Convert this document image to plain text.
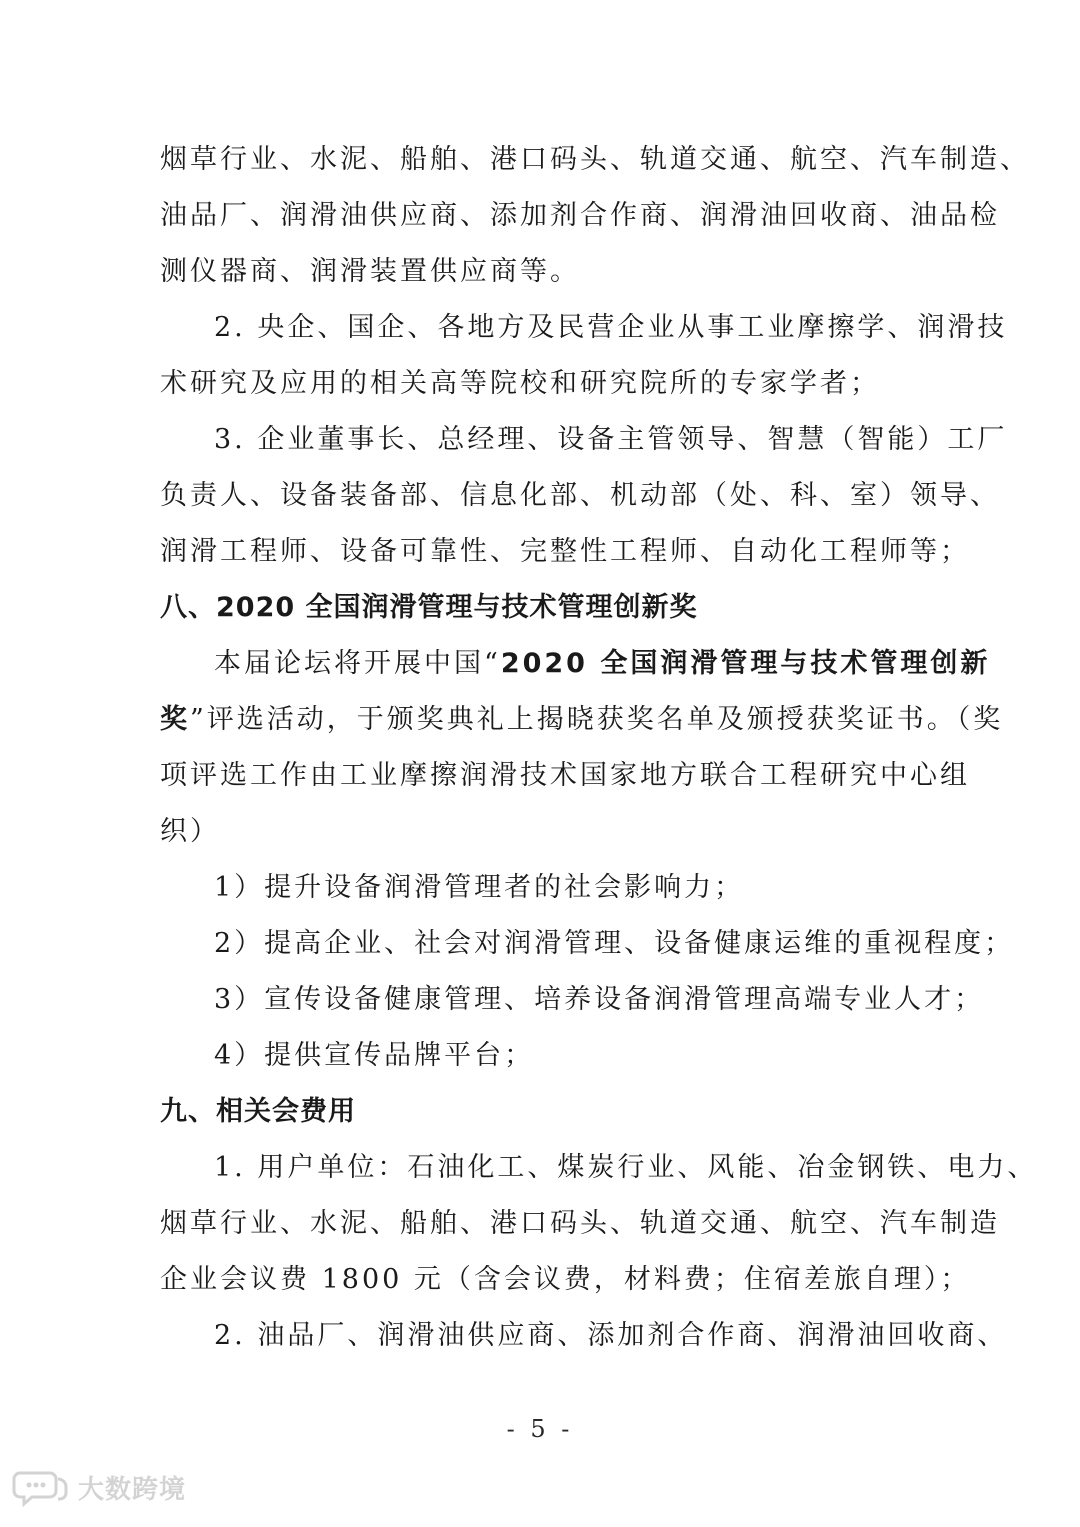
烟草行业、水泥、船舶、港口码头、轨道交通、航空、汽车制造、
油品厂、润滑油供应商、添加剂合作商、润滑油回收商、油品检
测仪器商、润滑装置供应商等。
2. 央企、国企、各地方及民营企业从事工业摩擦学、润滑技
术研究及应用的相关高等院校和研究院所的专家学者；
3. 企业董事长、总经理、设备主管领导、智慧（智能）工厂
负责人、设备装备部、信息化部、机动部（处、科、室）领导、
润滑工程师、设备可靠性、完整性工程师、自动化工程师等；
八、2020 全国润滑管理与技术管理创新奖
本届论坛将开展中国“2020 全国润滑管理与技术管理创新
奖”评选活动，于颁奖典礼上揭晓获奖名单及颁授获奖证书。（奖
项评选工作由工业摩擦润滑技术国家地方联合工程研究中心组
织）
1）提升设备润滑管理者的社会影响力；
2）提高企业、社会对润滑管理、设备健康运维的重视程度；
3）宣传设备健康管理、培养设备润滑管理高端专业人才；
4）提供宣传品牌平台；
九、相关会费用
1. 用户单位：石油化工、煤炭行业、风能、冶金钢铁、电力、
烟草行业、水泥、船舶、港口码头、轨道交通、航空、汽车制造
企业会议费 1800 元（含会议费，材料费；住宿差旅自理）；
2. 油品厂、润滑油供应商、添加剂合作商、润滑油回收商、
- 5 -
大数跨境
